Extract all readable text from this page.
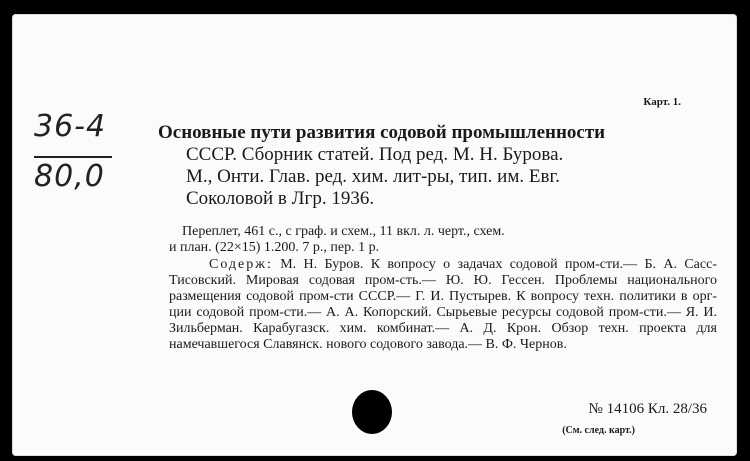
Карт. 1.
36-4
80,0
Основные пути развития содовой промышленности
СССР. Сборник статей. Под ред. М. Н. Бурова.
М., Онти. Глав. ред. хим. лит-ры, тип. им. Евг.
Соколовой в Лгр. 1936.
Переплет, 461 с., с граф. и схем., 11 вкл. л. черт., схем.
и план. (22×15) 1.200. 7 р., пер. 1 р.
Содерж: М. Н. Буров. К вопросу о задачах содовой пром-сти.— Б. А. Сасс-Тисовский. Мировая содовая пром-сть.— Ю. Ю. Гессен. Проблемы национального размещения содовой пром-сти СССР.— Г. И. Пустырев. К вопросу техн. политики в орг-ции содовой пром-сти.— А. А. Копорский. Сырьевые ресурсы содовой пром-сти.— Я. И. Зильберман. Карабугазск. хим. комбинат.— А. Д. Крон. Обзор техн. проекта для намечавшегося Славянск. нового содового завода.— В. Ф. Чернов.
№ 14106 Кл. 28/36
(См. след. карт.)
